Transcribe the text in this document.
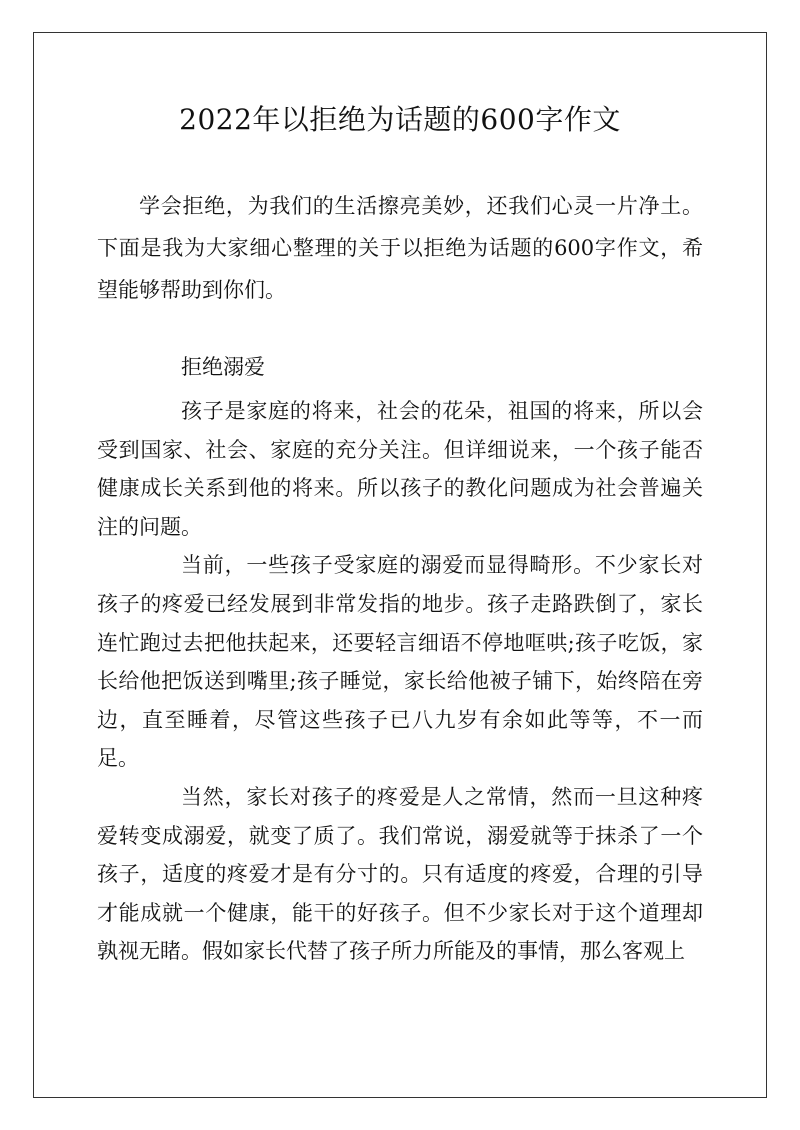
2022年以拒绝为话题的600字作文

学会拒绝，为我们的生活擦亮美妙，还我们心灵一片净土。下面是我为大家细心整理的关于以拒绝为话题的600字作文，希望能够帮助到你们。

拒绝溺爱

孩子是家庭的将来，社会的花朵，祖国的将来，所以会受到国家、社会、家庭的充分关注。但详细说来，一个孩子能否健康成长关系到他的将来。所以孩子的教化问题成为社会普遍关注的问题。

当前，一些孩子受家庭的溺爱而显得畸形。不少家长对孩子的疼爱已经发展到非常发指的地步。孩子走路跌倒了，家长连忙跑过去把他扶起来，还要轻言细语不停地哐哄;孩子吃饭，家长给他把饭送到嘴里;孩子睡觉，家长给他被子铺下，始终陪在旁边，直至睡着，尽管这些孩子已八九岁有余如此等等，不一而足。

当然，家长对孩子的疼爱是人之常情，然而一旦这种疼爱转变成溺爱，就变了质了。我们常说，溺爱就等于抹杀了一个孩子，适度的疼爱才是有分寸的。只有适度的疼爱，合理的引导才能成就一个健康，能干的好孩子。但不少家长对于这个道理却孰视无睹。假如家长代替了孩子所力所能及的事情，那么客观上
